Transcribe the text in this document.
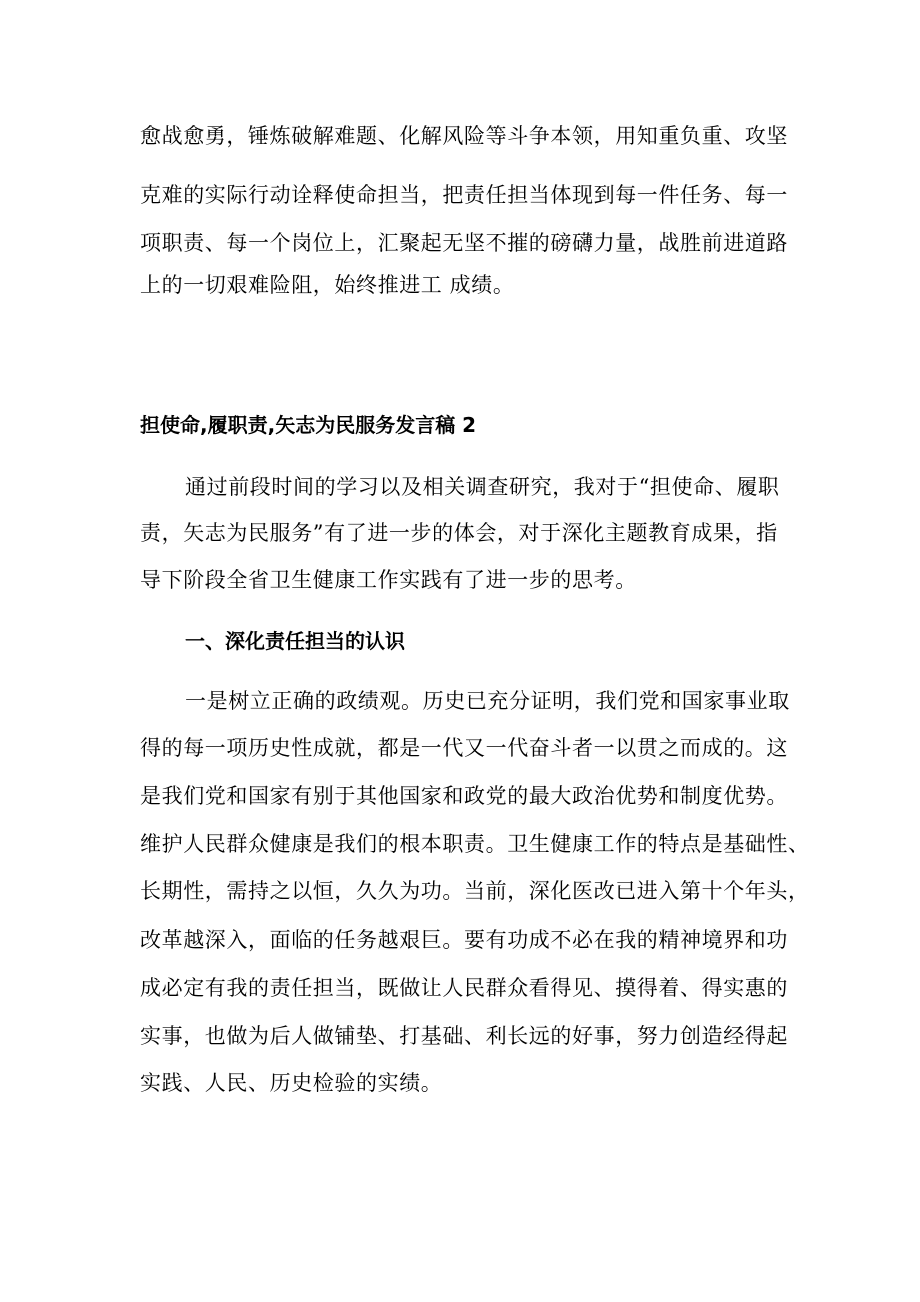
愈战愈勇，锤炼破解难题、化解风险等斗争本领，用知重负重、攻坚
克难的实际行动诠释使命担当，把责任担当体现到每一件任务、每一
项职责、每一个岗位上，汇聚起无坚不摧的磅礴力量，战胜前进道路
上的一切艰难险阻，始终推进工 成绩。
担使命,履职责,矢志为民服务发言稿 2
通过前段时间的学习以及相关调查研究，我对于“担使命、履职
责，矢志为民服务”有了进一步的体会，对于深化主题教育成果，指
导下阶段全省卫生健康工作实践有了进一步的思考。
一、深化责任担当的认识
一是树立正确的政绩观。历史已充分证明，我们党和国家事业取
得的每一项历史性成就，都是一代又一代奋斗者一以贯之而成的。这
是我们党和国家有别于其他国家和政党的最大政治优势和制度优势。
维护人民群众健康是我们的根本职责。卫生健康工作的特点是基础性、
长期性，需持之以恒，久久为功。当前，深化医改已进入第十个年头，
改革越深入，面临的任务越艰巨。要有功成不必在我的精神境界和功
成必定有我的责任担当，既做让人民群众看得见、摸得着、得实惠的
实事，也做为后人做铺垫、打基础、利长远的好事，努力创造经得起
实践、人民、历史检验的实绩。
